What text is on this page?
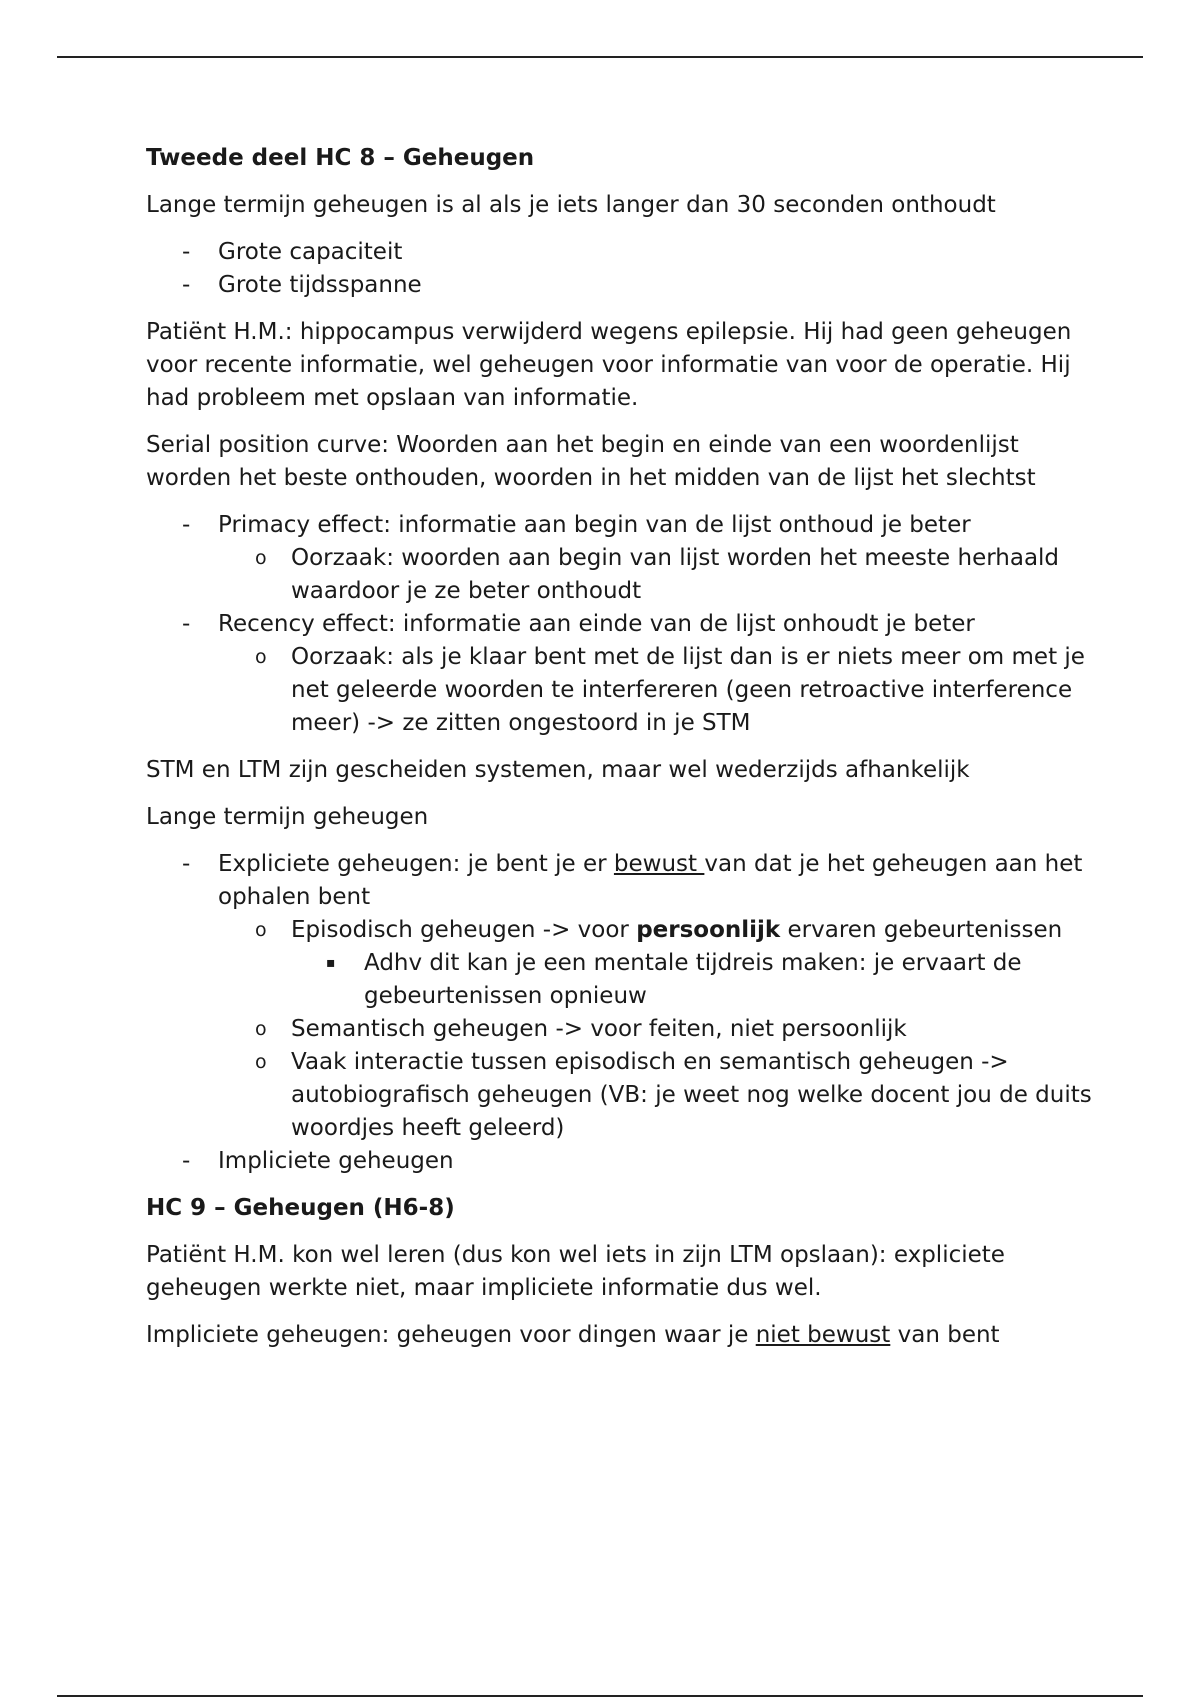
Tweede deel HC 8 – Geheugen
Lange termijn geheugen is al als je iets langer dan 30 seconden onthoudt
- Grote capaciteit
- Grote tijdsspanne
Patiënt H.M.: hippocampus verwijderd wegens epilepsie. Hij had geen geheugen voor recente informatie, wel geheugen voor informatie van voor de operatie. Hij had probleem met opslaan van informatie.
Serial position curve: Woorden aan het begin en einde van een woordenlijst worden het beste onthouden, woorden in het midden van de lijst het slechtst
- Primacy effect: informatie aan begin van de lijst onthoud je beter
o Oorzaak: woorden aan begin van lijst worden het meeste herhaald waardoor je ze beter onthoudt
- Recency effect: informatie aan einde van de lijst onhoudt je beter
o Oorzaak: als je klaar bent met de lijst dan is er niets meer om met je net geleerde woorden te interfereren (geen retroactive interference meer) -> ze zitten ongestoord in je STM
STM en LTM zijn gescheiden systemen, maar wel wederzijds afhankelijk
Lange termijn geheugen
- Expliciete geheugen: je bent je er bewust van dat je het geheugen aan het ophalen bent
o Episodisch geheugen -> voor persoonlijk ervaren gebeurtenissen
▪ Adhv dit kan je een mentale tijdreis maken: je ervaart de gebeurtenissen opnieuw
o Semantisch geheugen -> voor feiten, niet persoonlijk
o Vaak interactie tussen episodisch en semantisch geheugen -> autobiografisch geheugen (VB: je weet nog welke docent jou de duits woordjes heeft geleerd)
- Impliciete geheugen
HC 9 – Geheugen (H6-8)
Patiënt H.M. kon wel leren (dus kon wel iets in zijn LTM opslaan): expliciete geheugen werkte niet, maar impliciete informatie dus wel.
Impliciete geheugen: geheugen voor dingen waar je niet bewust van bent
